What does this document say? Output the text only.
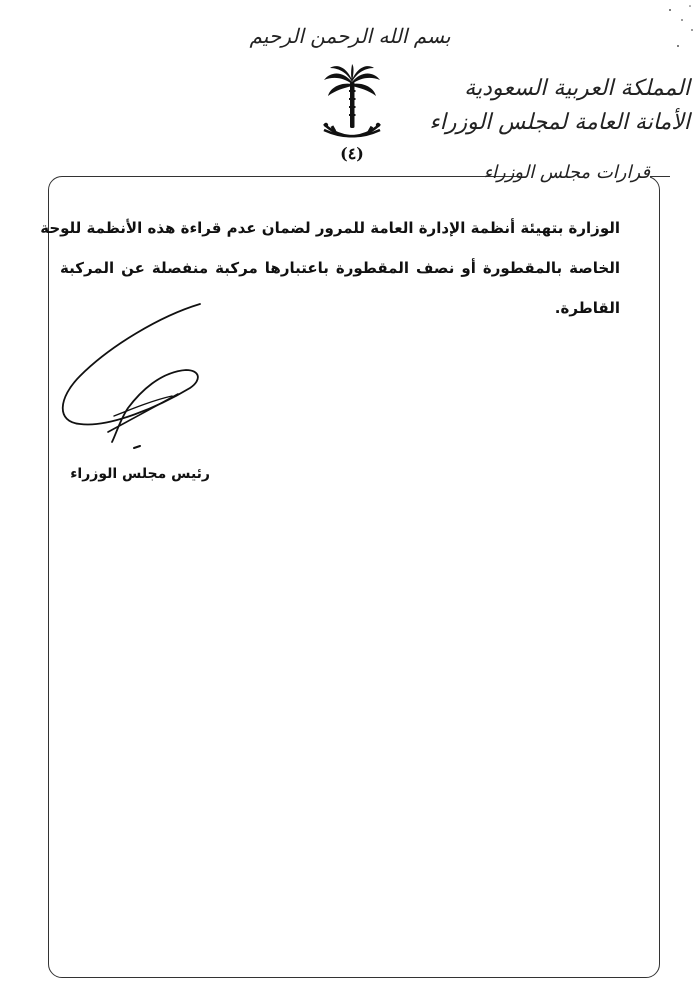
بسم الله الرحمن الرحيم
(٤)
المملكة العربية السعودية
الأمانة العامة لمجلس الوزراء
قرارات مجلس الوزراء
الوزارة بتهيئة أنظمة الإدارة العامة للمرور لضمان عدم قراءة هذه الأنظمة للوحة
الخاصة بالمقطورة أو نصف المقطورة باعتبارها مركبة منفصلة عن المركبة
القاطرة.
رئيس مجلس الوزراء
